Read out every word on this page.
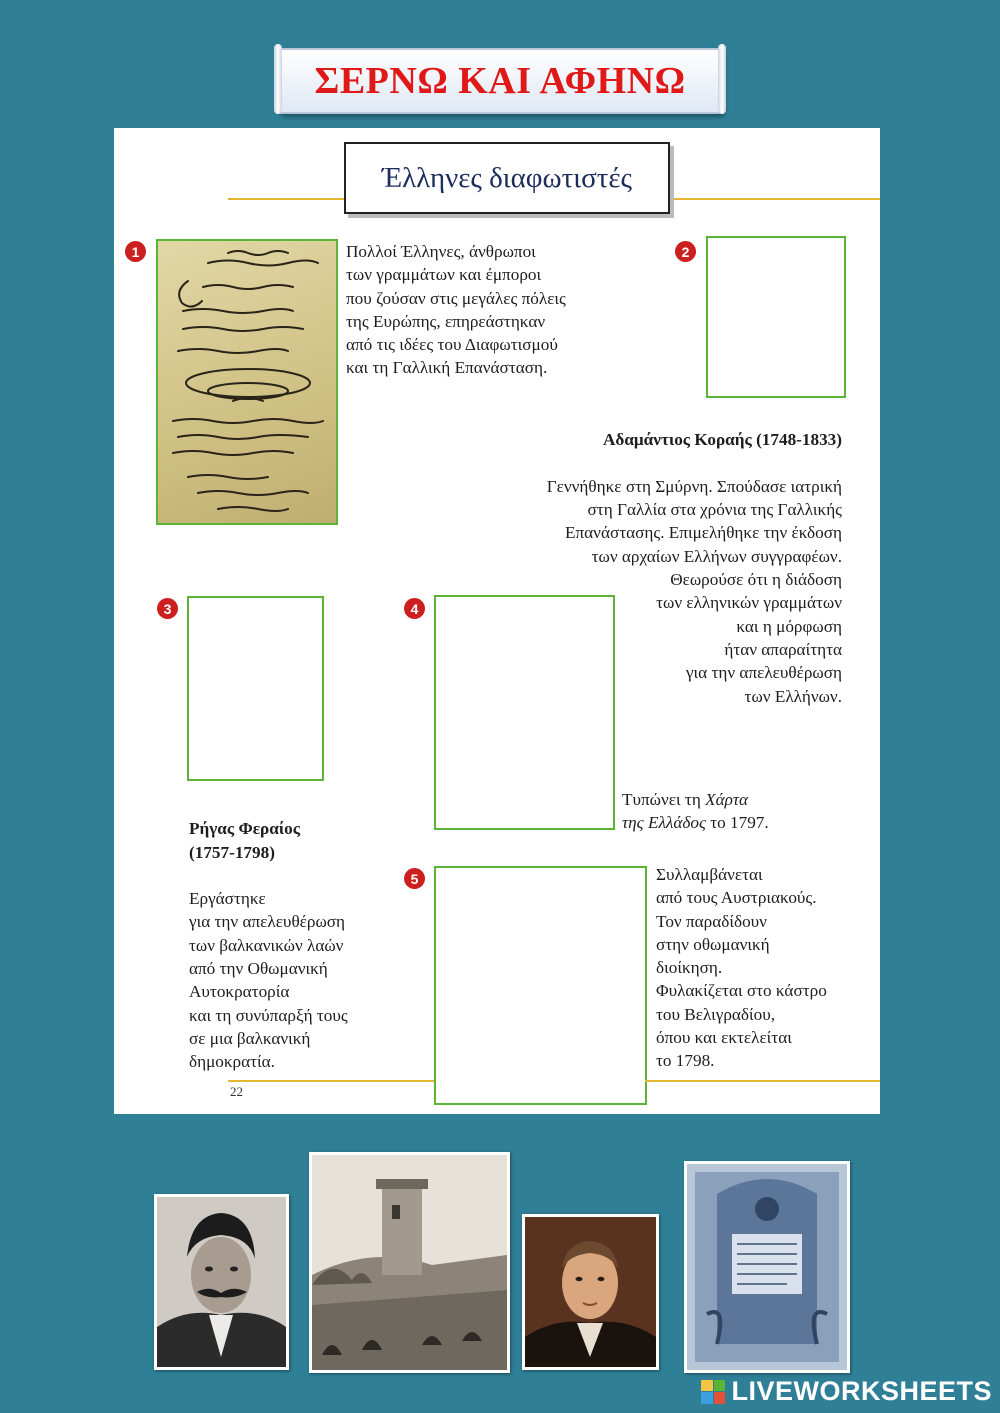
ΣΕΡΝΩ ΚΑΙ ΑΦΗΝΩ
Έλληνες διαφωτιστές
1	Πολλοί Έλληνες, άνθρωποι
των γραμμάτων και έμποροι
που ζούσαν στις μεγάλες πόλεις
της Ευρώπης, επηρεάστηκαν
από τις ιδέες του Διαφωτισμού
και τη Γαλλική Επανάσταση.
2

Αδαμάντιος Κοραής (1748-1833)

Γεννήθηκε στη Σμύρνη. Σπούδασε ιατρική
στη Γαλλία στα χρόνια της Γαλλικής
Επανάστασης. Επιμελήθηκε την έκδοση
των αρχαίων Ελλήνων συγγραφέων.
Θεωρούσε ότι η διάδοση
των ελληνικών γραμμάτων
και η μόρφωση
ήταν απαραίτητα
για την απελευθέρωση
των Ελλήνων.

3

Ρήγας Φεραίος
(1757-1798)

Εργάστηκε
για την απελευθέρωση
των βαλκανικών λαών
από την Οθωμανική
Αυτοκρατορία
και τη συνύπαρξή τους
σε μια βαλκανική
δημοκρατία.

4
Τυπώνει τη Χάρτα
της Ελλάδος το 1797.
5	Συλλαμβάνεται
από τους Αυστριακούς.
Τον παραδίδουν
στην οθωμανική
διοίκηση.
Φυλακίζεται στο κάστρο
του Βελιγραδίου,
όπου και εκτελείται
το 1798.
22
LIVEWORKSHEETS
